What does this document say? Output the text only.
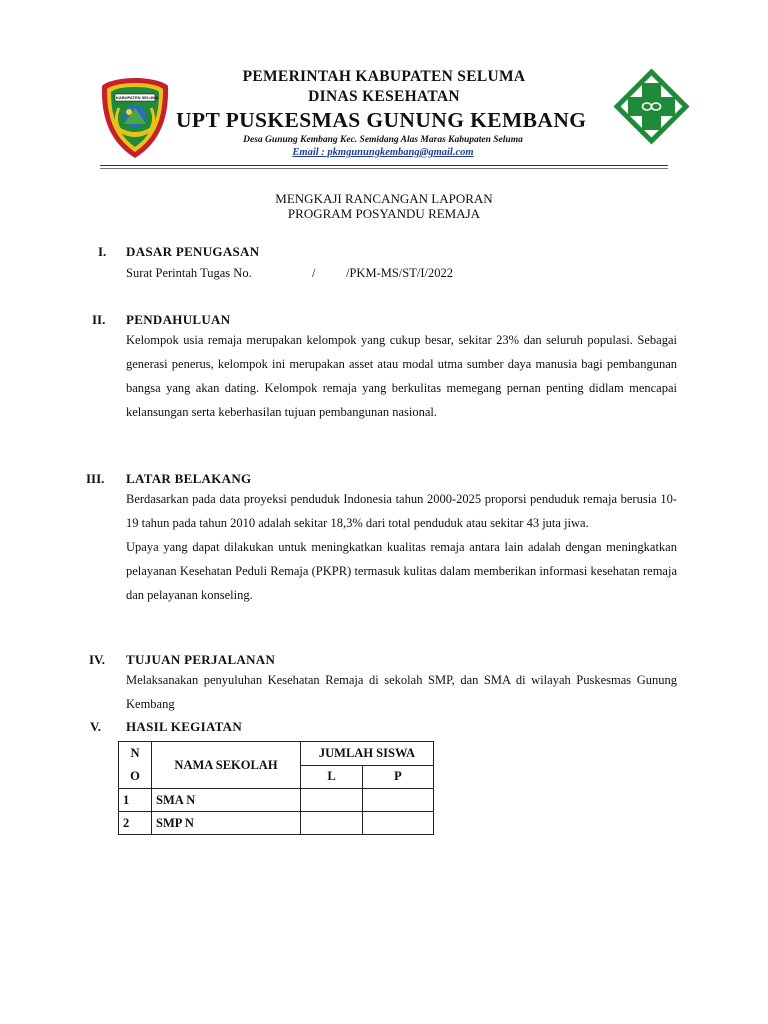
KABUPATEN SELUMA
PEMERINTAH KABUPATEN SELUMA
DINAS KESEHATAN
UPT PUSKESMAS GUNUNG KEMBANG
Desa Gunung Kembang Kec. Semidang Alas Maras Kabupaten Seluma
Email : pkmgunungkembang@gmail.com
MENGKAJI RANCANGAN LAPORAN
PROGRAM POSYANDU REMAJA
I. DASAR PENUGASAN
Surat Perintah Tugas No.	/ /PKM-MS/ST/I/2022
II. PENDAHULUAN

Kelompok usia remaja merupakan kelompok yang cukup besar, sekitar 23% dan seluruh populasi. Sebagai generasi penerus, kelompok ini merupakan asset atau modal utma sumber daya manusia bagi pembangunan bangsa yang akan dating. Kelompok remaja yang berkulitas memegang pernan penting didlam mencapai kelansungan serta keberhasilan tujuan pembangunan nasional.

III. LATAR BELAKANG

Berdasarkan pada data proyeksi penduduk Indonesia tahun 2000-2025 proporsi penduduk remaja berusia 10-19 tahun pada tahun 2010 adalah sekitar 18,3% dari total penduduk atau sekitar 43 juta jiwa.

Upaya yang dapat dilakukan untuk meningkatkan kualitas remaja antara lain adalah dengan meningkatkan pelayanan Kesehatan Peduli Remaja (PKPR) termasuk kulitas dalam memberikan informasi kesehatan remaja dan pelayanan konseling.

IV. TUJUAN PERJALANAN

Melaksanakan penyuluhan Kesehatan Remaja di sekolah SMP, dan SMA di wilayah Puskesmas Gunung Kembang

V. HASIL KEGIATAN
N
O	NAMA SEKOLAH	JUMLAH SISWA	
		L	P
1	SMA N		
2	SMP N		
